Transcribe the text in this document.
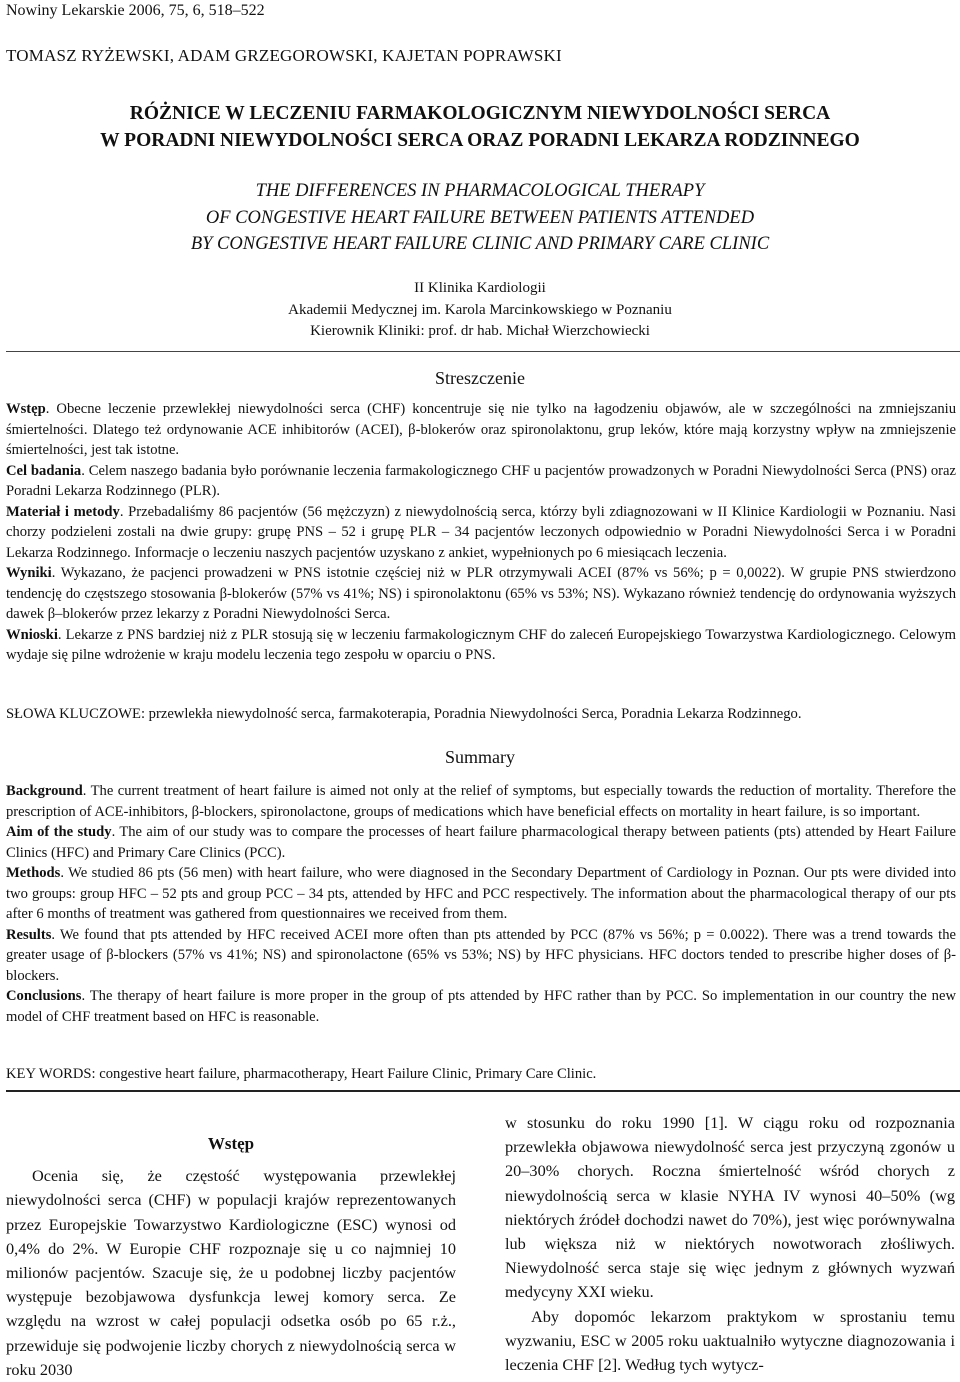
Nowiny Lekarskie 2006, 75, 6, 518–522
TOMASZ RYŻEWSKI, ADAM GRZEGOROWSKI, KAJETAN POPRAWSKI
RÓŻNICE W LECZENIU FARMAKOLOGICZNYM NIEWYDOLNOŚCI SERCA
W PORADNI NIEWYDOLNOŚCI SERCA ORAZ PORADNI LEKARZA RODZINNEGO
THE DIFFERENCES IN PHARMACOLOGICAL THERAPY
OF CONGESTIVE HEART FAILURE BETWEEN PATIENTS ATTENDED
BY CONGESTIVE HEART FAILURE CLINIC AND PRIMARY CARE CLINIC
II Klinika Kardiologii
Akademii Medycznej im. Karola Marcinkowskiego w Poznaniu
Kierownik Kliniki: prof. dr hab. Michał Wierzchowiecki
Streszczenie

Wstęp. Obecne leczenie przewlekłej niewydolności serca (CHF) koncentruje się nie tylko na łagodzeniu objawów, ale w szczególności na zmniejszaniu śmiertelności. Dlatego też ordynowanie ACE inhibitorów (ACEI), β-blokerów oraz spironolaktonu, grup leków, które mają korzystny wpływ na zmniejszenie śmiertelności, jest tak istotne.

Cel badania. Celem naszego badania było porównanie leczenia farmakologicznego CHF u pacjentów prowadzonych w Poradni Niewydolności Serca (PNS) oraz Poradni Lekarza Rodzinnego (PLR).

Materiał i metody. Przebadaliśmy 86 pacjentów (56 mężczyzn) z niewydolnością serca, którzy byli zdiagnozowani w II Klinice Kardiologii w Poznaniu. Nasi chorzy podzieleni zostali na dwie grupy: grupę PNS – 52 i grupę PLR – 34 pacjentów leczonych odpowiednio w Poradni Niewydolności Serca i w Poradni Lekarza Rodzinnego. Informacje o leczeniu naszych pacjentów uzyskano z ankiet, wypełnionych po 6 miesiącach leczenia.

Wyniki. Wykazano, że pacjenci prowadzeni w PNS istotnie częściej niż w PLR otrzymywali ACEI (87% vs 56%; p = 0,0022). W grupie PNS stwierdzono tendencję do częstszego stosowania β-blokerów (57% vs 41%; NS) i spironolaktonu (65% vs 53%; NS). Wykazano również tendencję do ordynowania wyższych dawek β–blokerów przez lekarzy z Poradni Niewydolności Serca.

Wnioski. Lekarze z PNS bardziej niż z PLR stosują się w leczeniu farmakologicznym CHF do zaleceń Europejskiego Towarzystwa Kardiologicznego. Celowym wydaje się pilne wdrożenie w kraju modelu leczenia tego zespołu w oparciu o PNS.

SŁOWA KLUCZOWE: przewlekła niewydolność serca, farmakoterapia, Poradnia Niewydolności Serca, Poradnia Lekarza Rodzinnego.
Summary

Background. The current treatment of heart failure is aimed not only at the relief of symptoms, but especially towards the reduction of mortality. Therefore the prescription of ACE-inhibitors, β-blockers, spironolactone, groups of medications which have beneficial effects on mortality in heart failure, is so important.

Aim of the study. The aim of our study was to compare the processes of heart failure pharmacological therapy between patients (pts) attended by Heart Failure Clinics (HFC) and Primary Care Clinics (PCC).

Methods. We studied 86 pts (56 men) with heart failure, who were diagnosed in the Secondary Department of Cardiology in Poznan. Our pts were divided into two groups: group HFC – 52 pts and group PCC – 34 pts, attended by HFC and PCC respectively. The information about the pharmacological therapy of our pts after 6 months of treatment was gathered from questionnaires we received from them.

Results. We found that pts attended by HFC received ACEI more often than pts attended by PCC (87% vs 56%; p = 0.0022). There was a trend towards the greater usage of β-blockers (57% vs 41%; NS) and spironolactone (65% vs 53%; NS) by HFC physicians. HFC doctors tended to prescribe higher doses of β-blockers.

Conclusions. The therapy of heart failure is more proper in the group of pts attended by HFC rather than by PCC. So implementation in our country the new model of CHF treatment based on HFC is reasonable.

KEY WORDS: congestive heart failure, pharmacotherapy, Heart Failure Clinic, Primary Care Clinic.
Wstęp

Ocenia się, że częstość występowania przewlekłej niewydolności serca (CHF) w populacji krajów reprezentowanych przez Europejskie Towarzystwo Kardiologiczne (ESC) wynosi od 0,4% do 2%. W Europie CHF rozpoznaje się u co najmniej 10 milionów pacjentów. Szacuje się, że u podobnej liczby pacjentów występuje bezobjawowa dysfunkcja lewej komory serca. Ze względu na wzrost w całej populacji odsetka osób po 65 r.ż., przewiduje się podwojenie liczby chorych z niewydolnością serca w roku 2030

w stosunku do roku 1990 [1]. W ciągu roku od rozpoznania przewlekła objawowa niewydolność serca jest przyczyną zgonów u 20–30% chorych. Roczna śmiertelność wśród chorych z niewydolnością serca w klasie NYHA IV wynosi 40–50% (wg niektórych źródeł dochodzi nawet do 70%), jest więc porównywalna lub większa niż w niektórych nowotworach złośliwych. Niewydolność serca staje się więc jednym z głównych wyzwań medycyny XXI wieku.

Aby dopomóc lekarzom praktykom w sprostaniu temu wyzwaniu, ESC w 2005 roku uaktualniło wytyczne diagnozowania i leczenia CHF [2]. Według tych wytycz-
